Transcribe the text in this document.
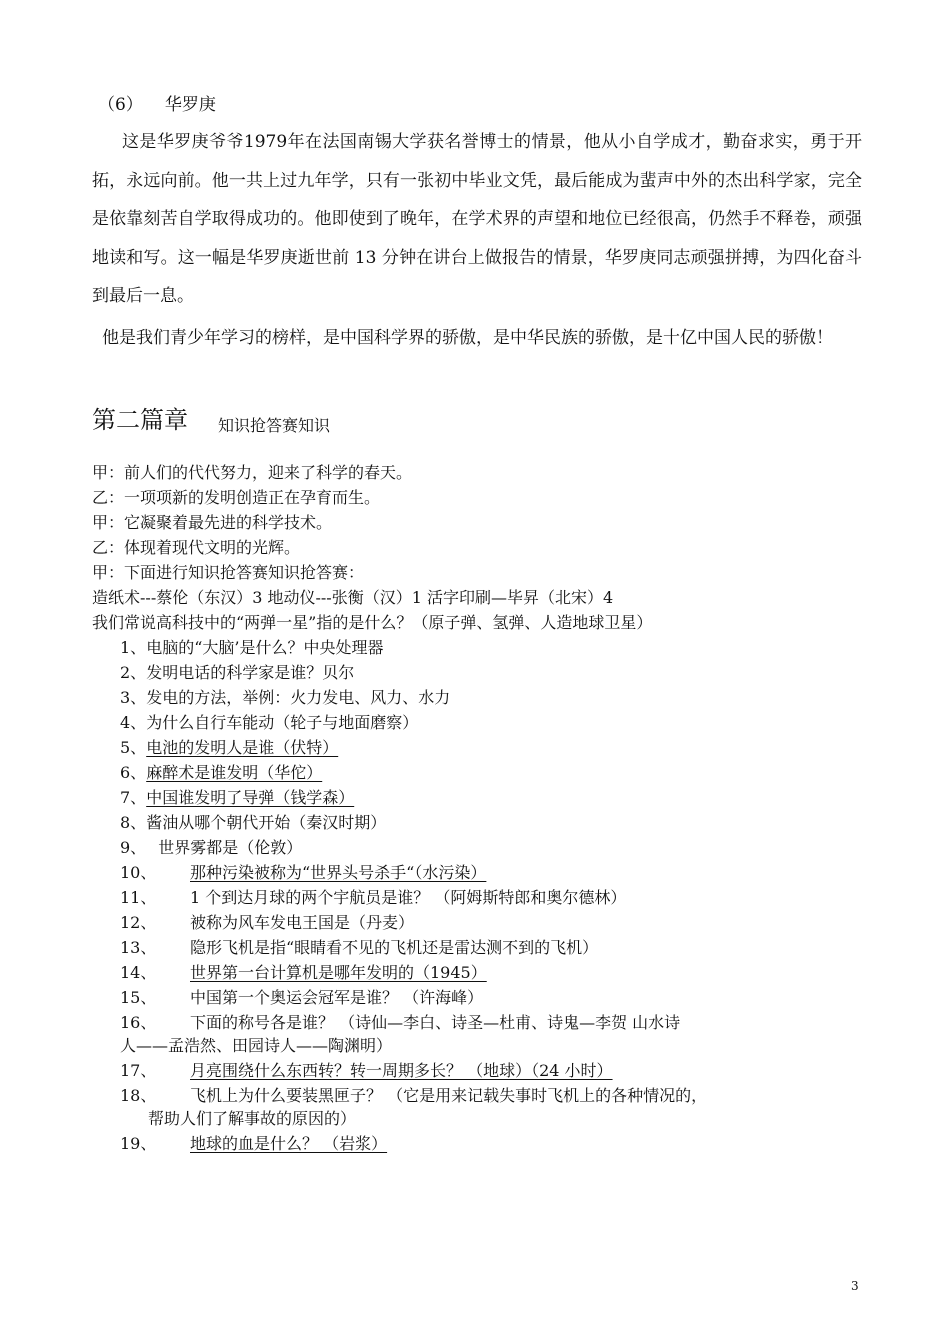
（6） 华罗庚
这是华罗庚爷爷1979年在法国南锡大学获名誉博士的情景，他从小自学成才，勤奋求实，勇于开拓，永远向前。他一共上过九年学，只有一张初中毕业文凭，最后能成为蜚声中外的杰出科学家，完全是依靠刻苦自学取得成功的。他即使到了晚年，在学术界的声望和地位已经很高，仍然手不释卷，顽强地读和写。这一幅是华罗庚逝世前 13 分钟在讲台上做报告的情景，华罗庚同志顽强拼搏，为四化奋斗到最后一息。
他是我们青少年学习的榜样，是中国科学界的骄傲，是中华民族的骄傲，是十亿中国人民的骄傲！
第二篇章 知识抢答赛知识
甲：前人们的代代努力，迎来了科学的春天。
乙：一项项新的发明创造正在孕育而生。
甲：它凝聚着最先进的科学技术。
乙：体现着现代文明的光辉。
甲：下面进行知识抢答赛知识抢答赛：
造纸术---蔡伦（东汉）3 地动仪---张衡（汉）1 活字印刷—毕昇（北宋）4
我们常说高科技中的“两弹一星”指的是什么？（原子弹、氢弹、人造地球卫星）
1、电脑的“大脑’是什么？中央处理器
2、发明电话的科学家是谁？贝尔
3、发电的方法，举例：火力发电、风力、水力
4、为什么自行车能动（轮子与地面磨察）
5、电池的发明人是谁（伏特）
6、麻醉术是谁发明（华佗）
7、中国谁发明了导弹（钱学森）
8、酱油从哪个朝代开始（秦汉时期）
9、 世界雾都是（伦敦）
10、 那种污染被称为“世界头号杀手“（水污染）
11、 1 个到达月球的两个宇航员是谁？ （阿姆斯特郎和奥尔德林）
12、 被称为风车发电王国是（丹麦）
13、 隐形飞机是指“眼睛看不见的飞机还是雷达测不到的飞机）
14、 世界第一台计算机是哪年发明的（1945）
15、 中国第一个奥运会冠军是谁？ （许海峰）
16、 下面的称号各是谁？ （诗仙—李白、诗圣—杜甫、诗鬼—李贺 山水诗
人——孟浩然、田园诗人——陶渊明）
17、 月亮围绕什么东西转？转一周期多长？ （地球）（24 小时）
18、 飞机上为什么要装黑匣子？ （它是用来记载失事时飞机上的各种情况的，
帮助人们了解事故的原因的）
19、 地球的血是什么？ （岩浆）
3
